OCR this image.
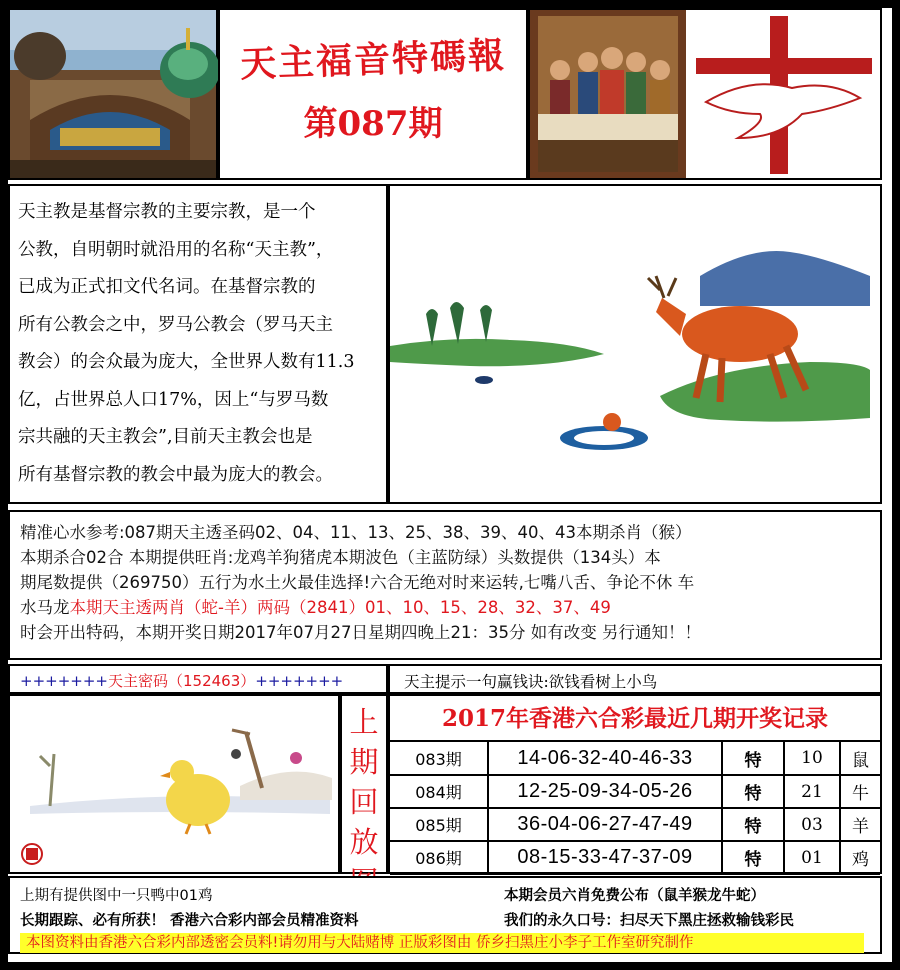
天主福音特碼報
第087期

天主教是基督宗教的主要宗教，是一个
公教，自明朝时就沿用的名称“天主教”，
已成为正式扣文代名词。在基督宗教的
所有公教会之中，罗马公教会（罗马天主
教会）的会众最为庞大，全世界人数有11.3
亿，占世界总人口17%，因上“与罗马数
宗共融的天主教会”,目前天主教会也是
所有基督宗教的教会中最为庞大的教会。

精准心水参考:087期天主透圣码02、04、11、13、25、38、39、40、43本期杀肖（猴）
本期杀合02合 本期提供旺肖:龙鸡羊狗猪虎本期波色（主蓝防绿）头数提供（134头）本
期尾数提供（269750）五行为水土火最佳选择!六合无绝对时来运转,七嘴八舌、争论不休 车
水马龙本期天主透两肖（蛇-羊）两码（2841）01、10、15、28、32、37、49
时会开出特码，本期开奖日期2017年07月27日星期四晚上21：35分 如有改变 另行通知！！
+++++++天主密码（152463）+++++++	天主提示一句赢钱诀:欲钱看树上小鸟
上
期
回
放
2017年香港六合彩最近几期开奖记录
083期	14-06-32-40-46-33	特	10	鼠
084期	12-25-09-34-05-26	特	21	牛
085期	36-04-06-27-47-49	特	03	羊
086期	08-15-33-47-37-09	特	01	鸡
上期有提供图中一只鸭中01鸡	本期会员六肖免费公布（鼠羊猴龙牛蛇）
长期跟踪、必有所获！ 香港六合彩内部会员精准资料	我们的永久口号：扫尽天下黑庄拯救输钱彩民
本图资料由香港六合彩内部透密会员料!请勿用与大陆赌博 正版彩图由 侨乡扫黑庄小李子工作室研究制作
